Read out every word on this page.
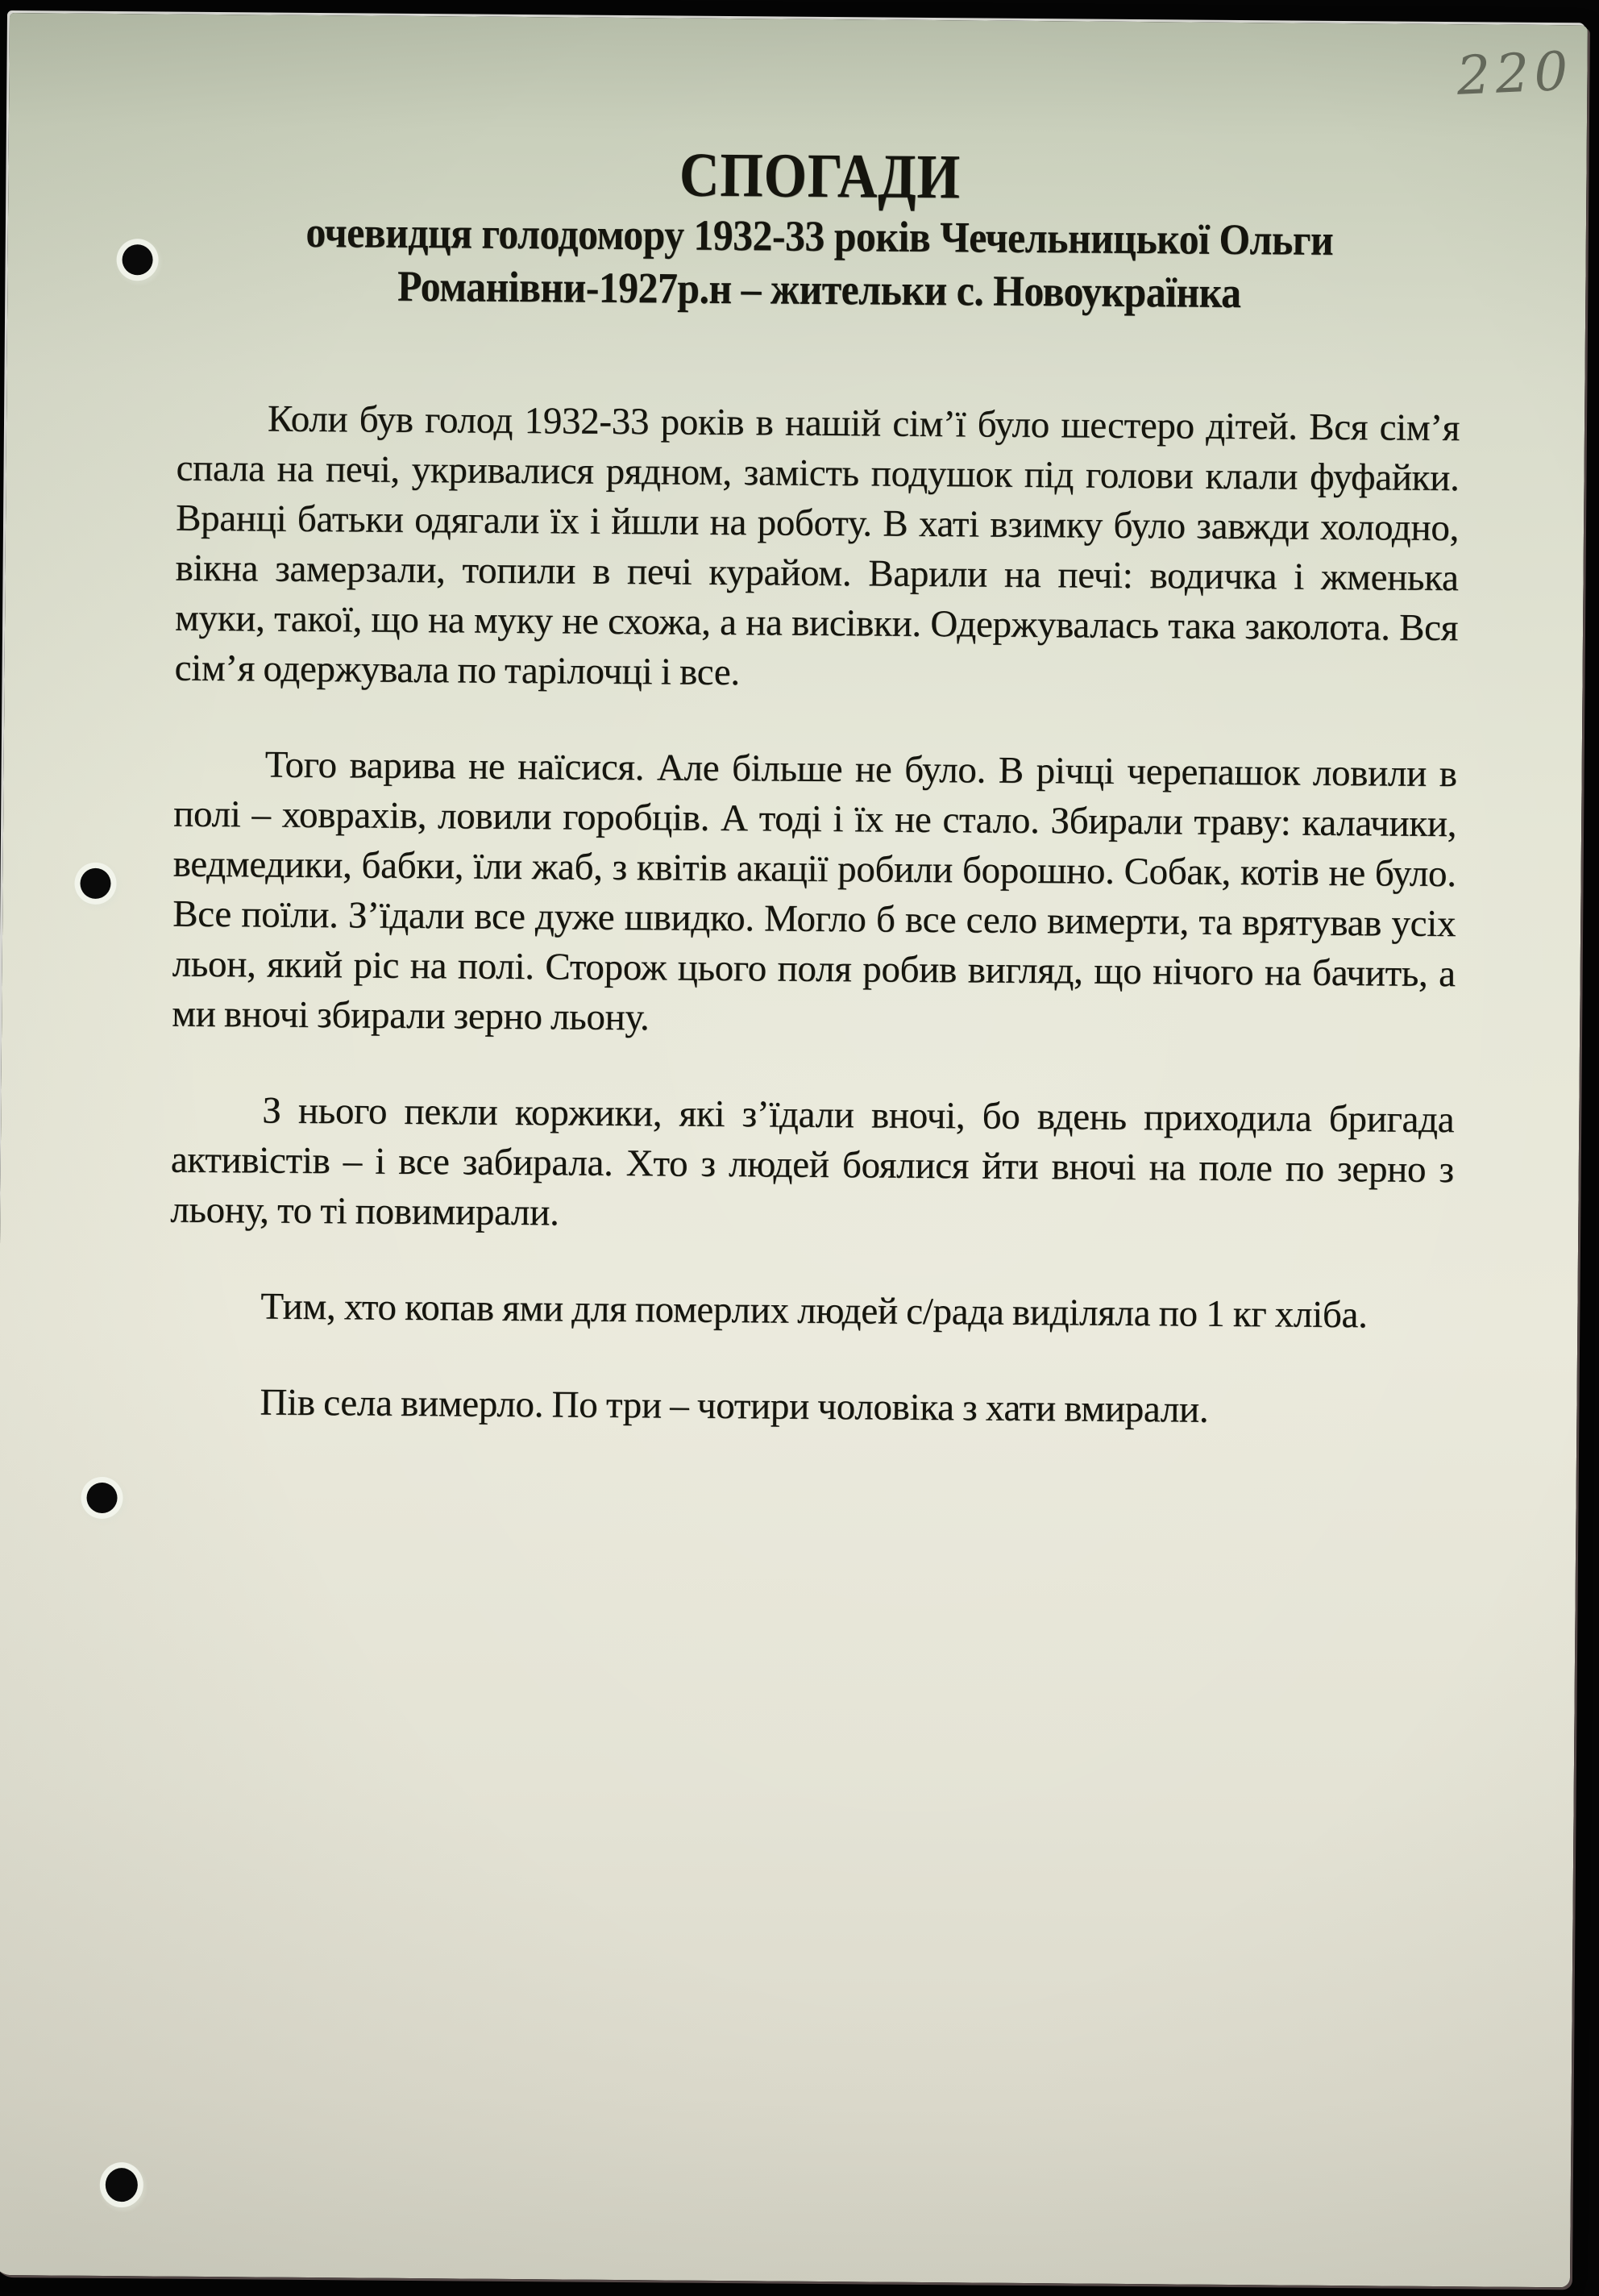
220
СПОГАДИ
очевидця голодомору 1932-33 років Чечельницької Ольги
Романівни-1927р.н – жительки с. Новоукраїнка

Коли був голод 1932-33 років в нашій сім’ї було шестеро дітей. Вся сім’я спала на печі, укривалися рядном, замість подушок під голови клали фуфайки. Вранці батьки одягали їх і йшли на роботу. В хаті взимку було завжди холодно, вікна замерзали, топили в печі курайом. Варили на печі: водичка і жменька муки, такої, що на муку не схожа, а на висівки. Одержувалась така заколота. Вся сім’я одержувала по тарілочці і все.

Того варива не наїсися. Але більше не було. В річці черепашок ловили в полі – ховрахів, ловили горобців. А тоді і їх не стало. Збирали траву: калачики, ведмедики, бабки, їли жаб, з квітів акації робили борошно. Собак, котів не було. Все поїли. З’їдали все дуже швидко. Могло б все село вимерти, та врятував усіх льон, який ріс на полі. Сторож цього поля робив вигляд, що нічого на бачить, а ми вночі збирали зерно льону.

З нього пекли коржики, які з’їдали вночі, бо вдень приходила бригада активістів – і все забирала. Хто з людей боялися йти вночі на поле по зерно з льону, то ті повимирали.

Тим, хто копав ями для померлих людей с/рада виділяла по 1 кг хліба.

Пів села вимерло. По три – чотири чоловіка з хати вмирали.
